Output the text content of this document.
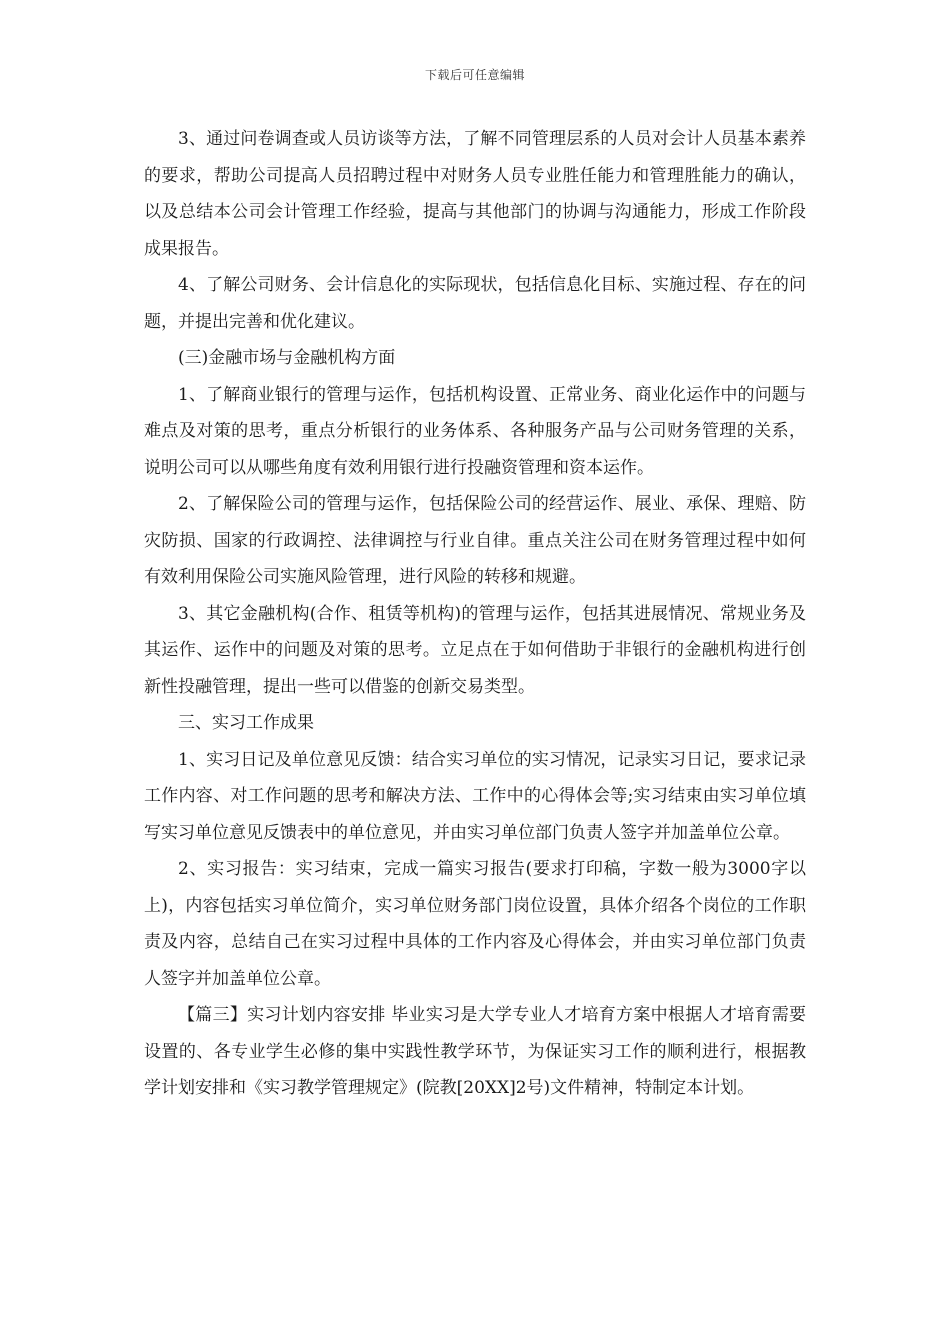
下载后可任意编辑

3、通过问卷调查或人员访谈等方法，了解不同管理层系的人员对会计人员基本素养的要求，帮助公司提高人员招聘过程中对财务人员专业胜任能力和管理胜能力的确认，以及总结本公司会计管理工作经验，提高与其他部门的协调与沟通能力，形成工作阶段成果报告。

4、了解公司财务、会计信息化的实际现状，包括信息化目标、实施过程、存在的问题，并提出完善和优化建议。

(三)金融市场与金融机构方面

1、了解商业银行的管理与运作，包括机构设置、正常业务、商业化运作中的问题与难点及对策的思考，重点分析银行的业务体系、各种服务产品与公司财务管理的关系，说明公司可以从哪些角度有效利用银行进行投融资管理和资本运作。

2、了解保险公司的管理与运作，包括保险公司的经营运作、展业、承保、理赔、防灾防损、国家的行政调控、法律调控与行业自律。重点关注公司在财务管理过程中如何有效利用保险公司实施风险管理，进行风险的转移和规避。

3、其它金融机构(合作、租赁等机构)的管理与运作，包括其进展情况、常规业务及其运作、运作中的问题及对策的思考。立足点在于如何借助于非银行的金融机构进行创新性投融管理，提出一些可以借鉴的创新交易类型。

三、实习工作成果

1、实习日记及单位意见反馈：结合实习单位的实习情况，记录实习日记，要求记录工作内容、对工作问题的思考和解决方法、工作中的心得体会等;实习结束由实习单位填写实习单位意见反馈表中的单位意见，并由实习单位部门负责人签字并加盖单位公章。

2、实习报告：实习结束，完成一篇实习报告(要求打印稿，字数一般为3000字以上)，内容包括实习单位简介，实习单位财务部门岗位设置，具体介绍各个岗位的工作职责及内容，总结自己在实习过程中具体的工作内容及心得体会，并由实习单位部门负责人签字并加盖单位公章。

【篇三】实习计划内容安排 毕业实习是大学专业人才培育方案中根据人才培育需要设置的、各专业学生必修的集中实践性教学环节，为保证实习工作的顺利进行，根据教学计划安排和《实习教学管理规定》(院教[20XX]2号)文件精神，特制定本计划。
